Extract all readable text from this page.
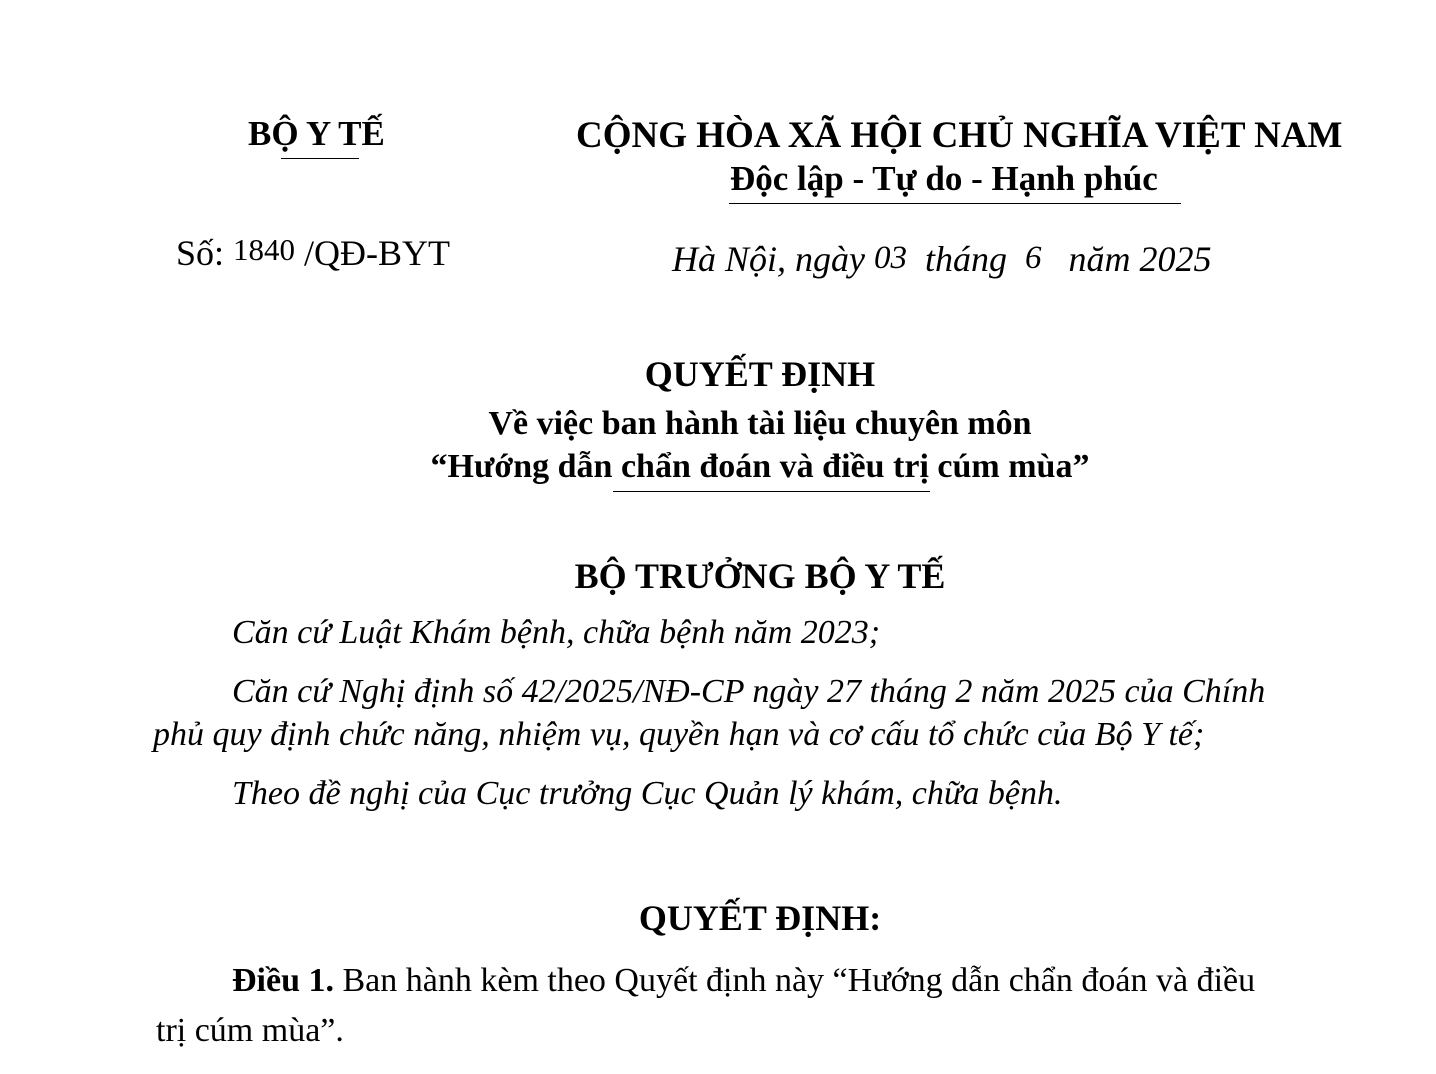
BỘ Y TẾ	CỘNG HÒA XÃ HỘI CHỦ NGHĨA VIỆT NAM
Độc lập - Tự do - Hạnh phúc
Số: 1840 /QĐ-BYT	Hà Nội, ngày 03 tháng 6 năm 2025
QUYẾT ĐỊNH
Về việc ban hành tài liệu chuyên môn
“Hướng dẫn chẩn đoán và điều trị cúm mùa”
BỘ TRƯỞNG BỘ Y TẾ
Căn cứ Luật Khám bệnh, chữa bệnh năm 2023;
Căn cứ Nghị định số 42/2025/NĐ-CP ngày 27 tháng 2 năm 2025 của Chính
phủ quy định chức năng, nhiệm vụ, quyền hạn và cơ cấu tổ chức của Bộ Y tế;
Theo đề nghị của Cục trưởng Cục Quản lý khám, chữa bệnh.
QUYẾT ĐỊNH:
Điều 1. Ban hành kèm theo Quyết định này “Hướng dẫn chẩn đoán và điều
trị cúm mùa”.
